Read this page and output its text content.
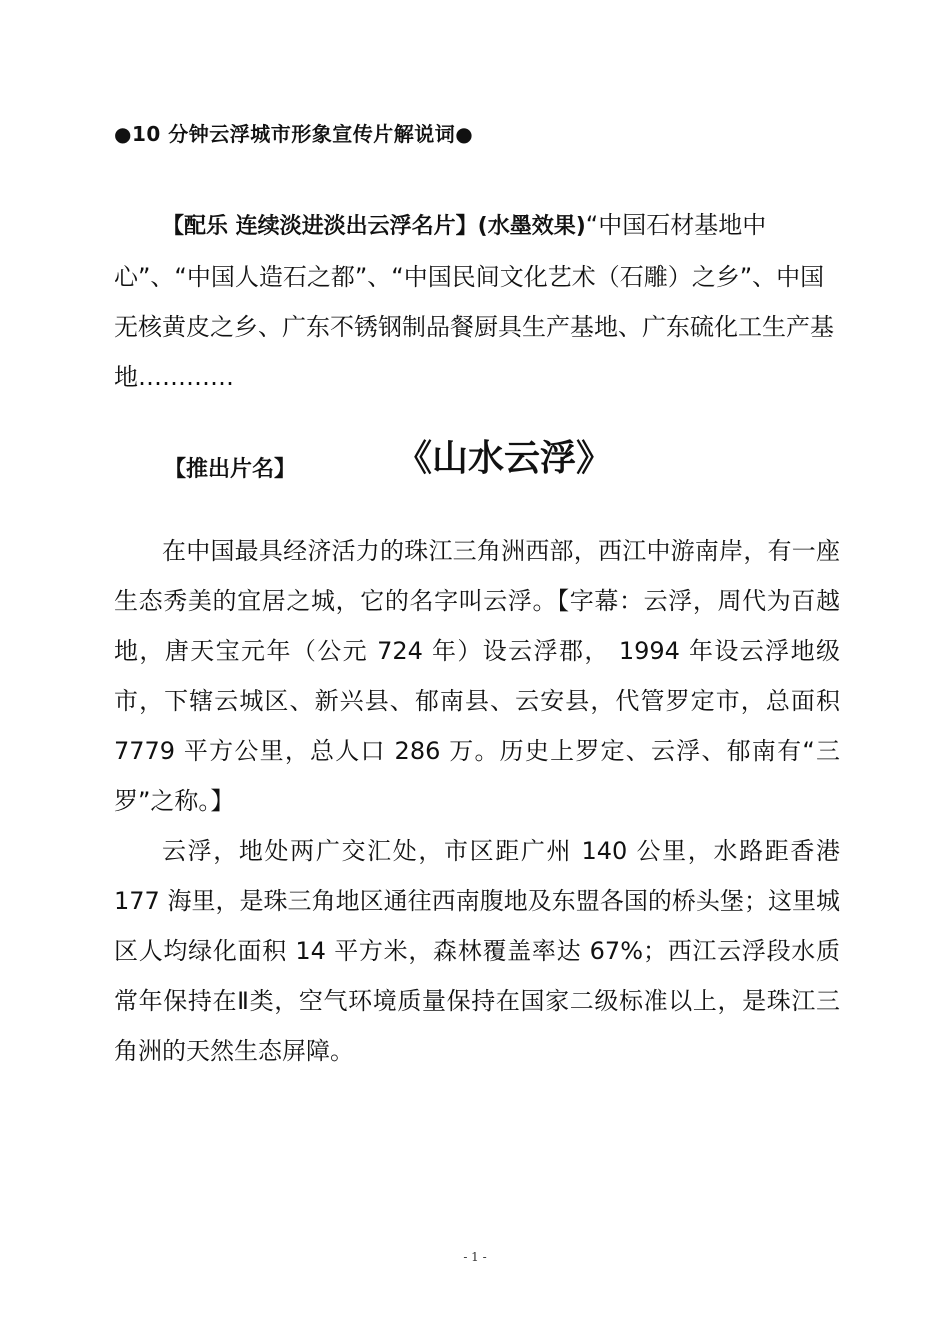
●10 分钟云浮城市形象宣传片解说词●

【配乐 连续淡进淡出云浮名片】(水墨效果)“中国石材基地中心”、“中国人造石之都”、“中国民间文化艺术（石雕）之乡”、中国无核黄皮之乡、广东不锈钢制品餐厨具生产基地、广东硫化工生产基地…………

【推出片名】	《山水云浮》

在中国最具经济活力的珠江三角洲西部，西江中游南岸，有一座生态秀美的宜居之城，它的名字叫云浮。【字幕：云浮，周代为百越地，唐天宝元年（公元 724 年）设云浮郡， 1994 年设云浮地级市，下辖云城区、新兴县、郁南县、云安县，代管罗定市，总面积 7779 平方公里，总人口 286 万。历史上罗定、云浮、郁南有“三罗”之称。】

云浮，地处两广交汇处，市区距广州 140 公里，水路距香港 177 海里，是珠三角地区通往西南腹地及东盟各国的桥头堡；这里城区人均绿化面积 14 平方米，森林覆盖率达 67%；西江云浮段水质常年保持在Ⅱ类，空气环境质量保持在国家二级标准以上，是珠江三角洲的天然生态屏障。

- 1 -
